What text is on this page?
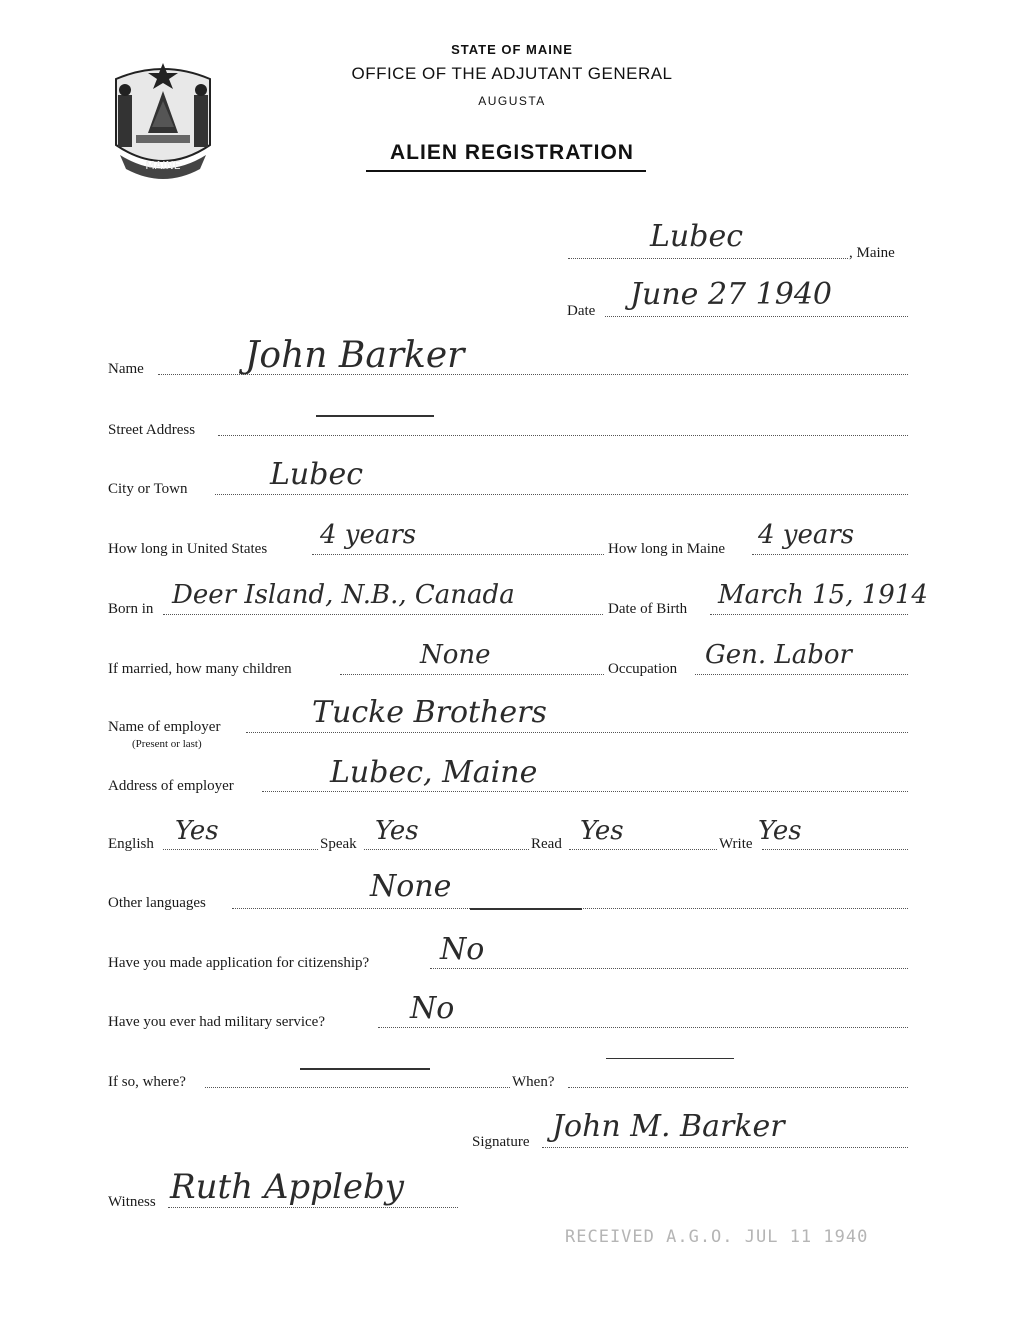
MAINE
STATE OF MAINE
OFFICE OF THE ADJUTANT GENERAL
AUGUSTA
ALIEN REGISTRATION
Lubec	, Maine
Date June 27 1940
Name	John Barker
Street Address
City or Town	Lubec
How long in United States 4 years	How long in Maine 4 years
Born in Deer Island, N.B., Canada	Date of Birth March 15, 1914
If married, how many children	None	Occupation Gen. Labor
Name of employer
(Present or last)
Tucke Brothers
Address of employer	Lubec, Maine
English Yes	Speak Yes	Read Yes	Write Yes
Other languages	None
Have you made application for citizenship? No
Have you ever had military service?	No
If so, where?	When?
Signature John M. Barker
Witness Ruth Appleby
RECEIVED A.G.O. JUL 11 1940
